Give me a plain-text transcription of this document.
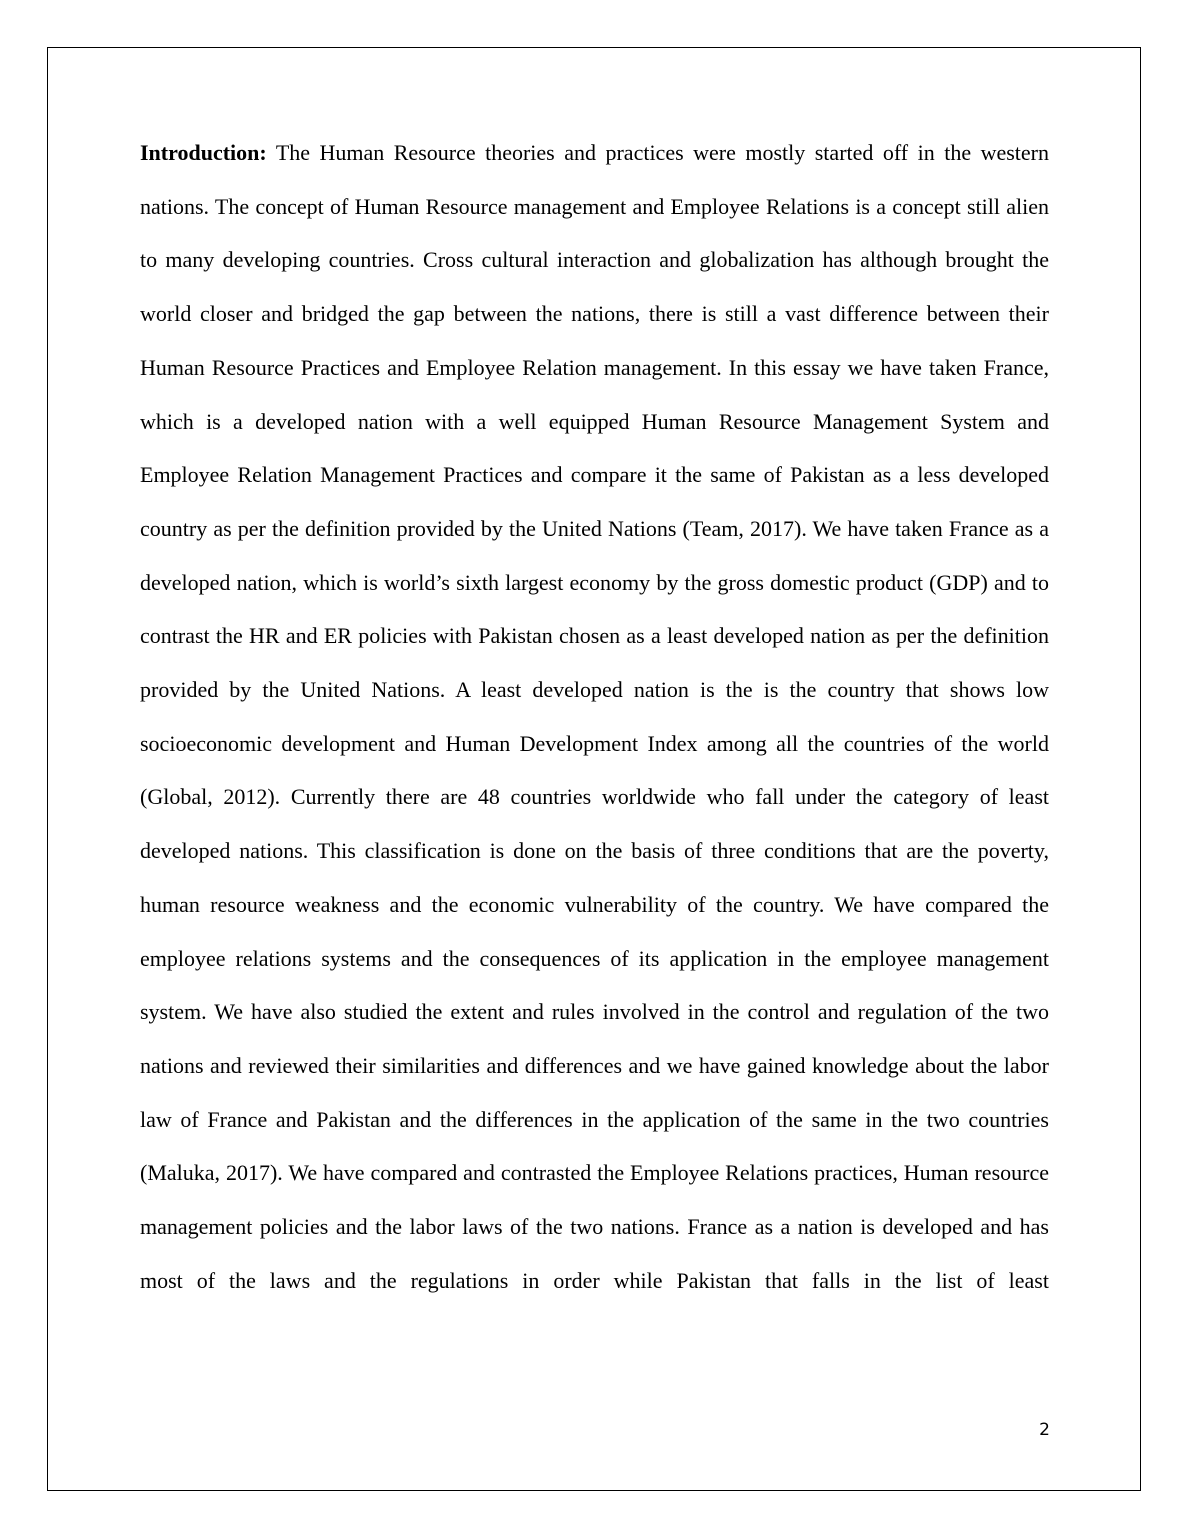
Introduction: The Human Resource theories and practices were mostly started off in the western nations. The concept of Human Resource management and Employee Relations is a concept still alien to many developing countries. Cross cultural interaction and globalization has although brought the world closer and bridged the gap between the nations, there is still a vast difference between their Human Resource Practices and Employee Relation management. In this essay we have taken France, which is a developed nation with a well equipped Human Resource Management System and Employee Relation Management Practices and compare it the same of Pakistan as a less developed country as per the definition provided by the United Nations (Team, 2017). We have taken France as a developed nation, which is world’s sixth largest economy by the gross domestic product (GDP) and to contrast the HR and ER policies with Pakistan chosen as a least developed nation as per the definition provided by the United Nations. A least developed nation is the is the country that shows low socioeconomic development and Human Development Index among all the countries of the world (Global, 2012). Currently there are 48 countries worldwide who fall under the category of least developed nations. This classification is done on the basis of three conditions that are the poverty, human resource weakness and the economic vulnerability of the country. We have compared the employee relations systems and the consequences of its application in the employee management system. We have also studied the extent and rules involved in the control and regulation of the two nations and reviewed their similarities and differences and we have gained knowledge about the labor law of France and Pakistan and the differences in the application of the same in the two countries (Maluka, 2017). We have compared and contrasted the Employee Relations practices, Human resource management policies and the labor laws of the two nations. France as a nation is developed and has most of the laws and the regulations in order while Pakistan that falls in the list of least

2
